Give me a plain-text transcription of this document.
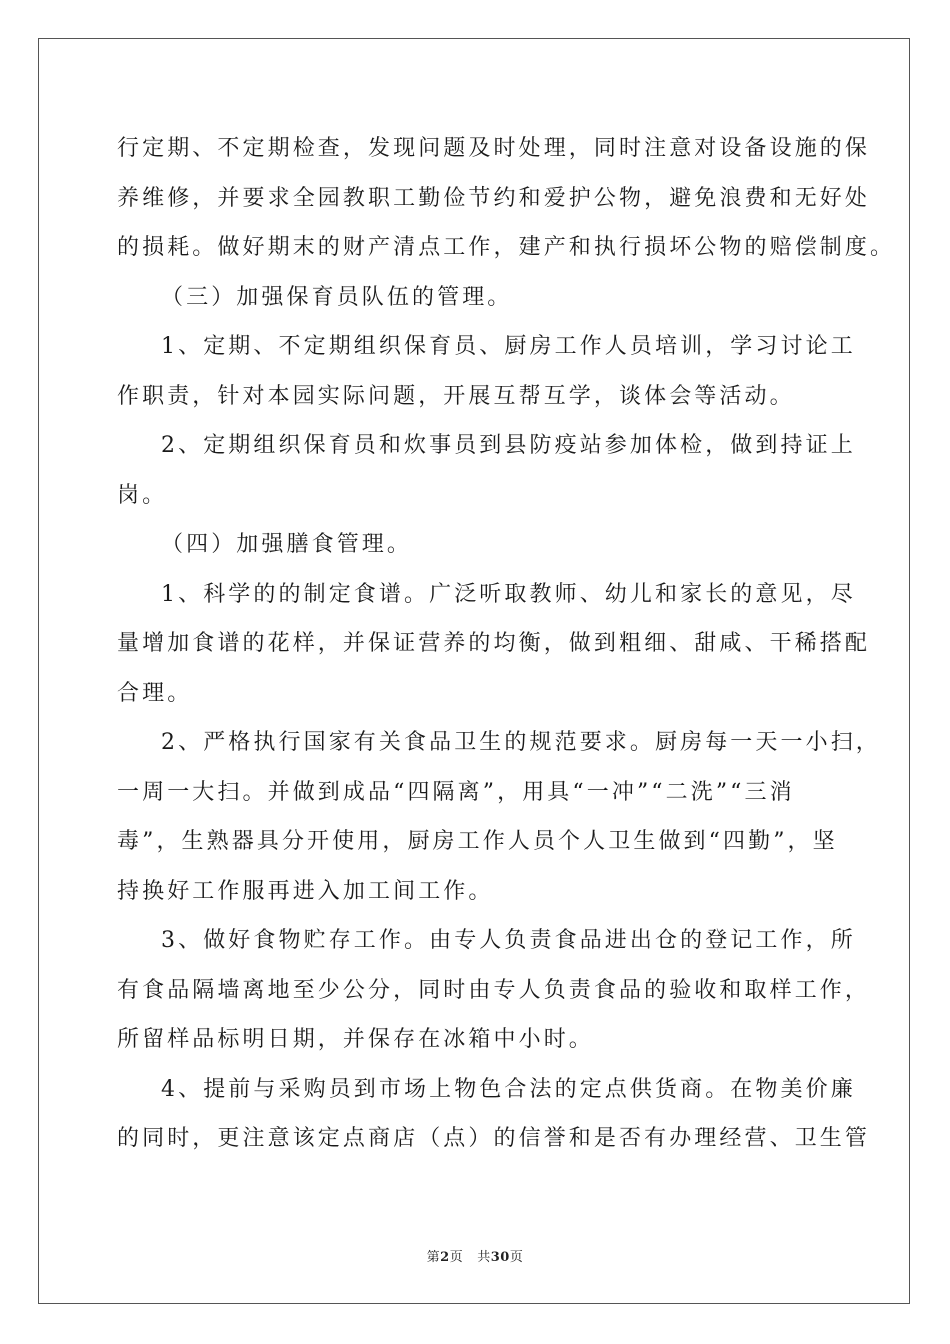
行定期、不定期检查，发现问题及时处理，同时注意对设备设施的保
养维修，并要求全园教职工勤俭节约和爱护公物，避免浪费和无好处
的损耗。做好期末的财产清点工作，建产和执行损坏公物的赔偿制度。
（三）加强保育员队伍的管理。
1、定期、不定期组织保育员、厨房工作人员培训，学习讨论工
作职责，针对本园实际问题，开展互帮互学，谈体会等活动。
2、定期组织保育员和炊事员到县防疫站参加体检，做到持证上
岗。
（四）加强膳食管理。
1、科学的的制定食谱。广泛听取教师、幼儿和家长的意见，尽
量增加食谱的花样，并保证营养的均衡，做到粗细、甜咸、干稀搭配
合理。
2、严格执行国家有关食品卫生的规范要求。厨房每一天一小扫，
一周一大扫。并做到成品“四隔离”，用具“一冲”“二洗”“三消
毒”，生熟器具分开使用，厨房工作人员个人卫生做到“四勤”，坚
持换好工作服再进入加工间工作。
3、做好食物贮存工作。由专人负责食品进出仓的登记工作，所
有食品隔墙离地至少公分，同时由专人负责食品的验收和取样工作，
所留样品标明日期，并保存在冰箱中小时。
4、提前与采购员到市场上物色合法的定点供货商。在物美价廉
的同时，更注意该定点商店（点）的信誉和是否有办理经营、卫生管
第2页 共30页
